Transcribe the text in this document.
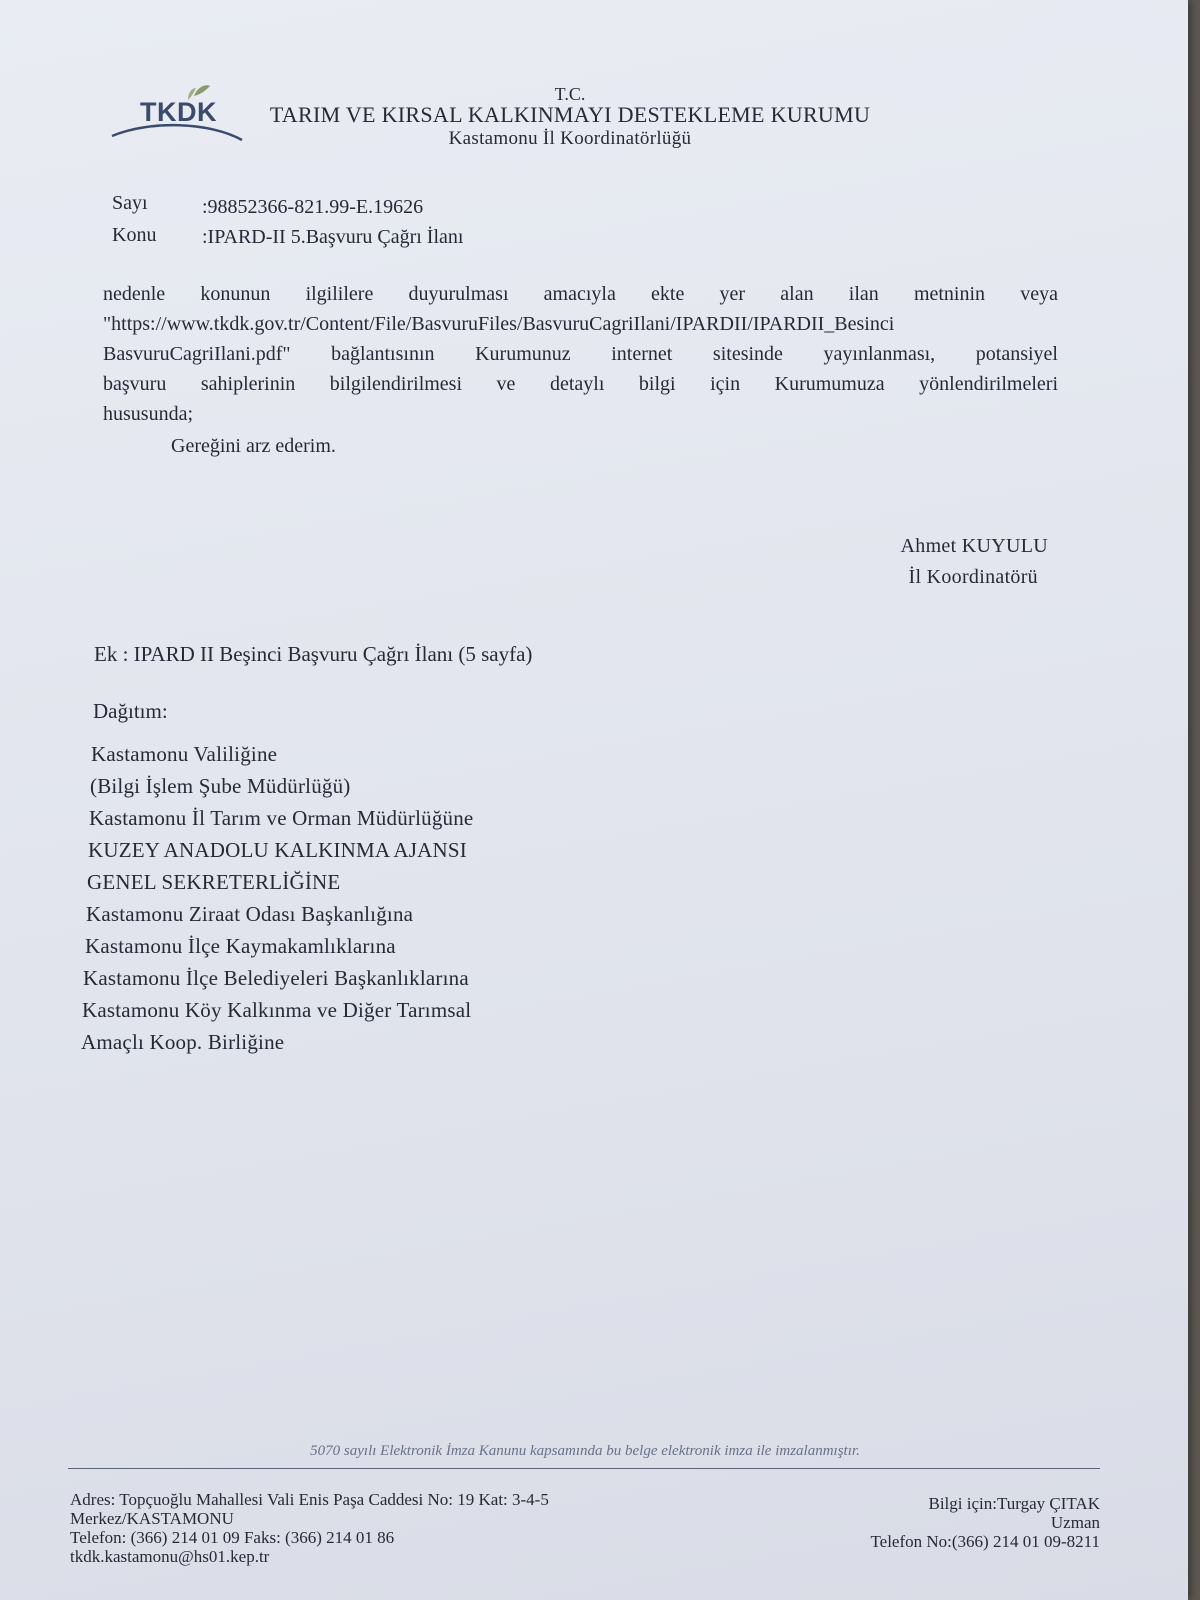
TKDK
T.C.
TARIM VE KIRSAL KALKINMAYI DESTEKLEME KURUMU
Kastamonu İl Koordinatörlüğü
Sayı	:98852366-821.99-E.19626
Konu :IPARD-II 5.Başvuru Çağrı İlanı

nedenle konunun ilgililere duyurulması amacıyla ekte yer alan ilan metninin veya

"https://www.tkdk.gov.tr/Content/File/BasvuruFiles/BasvuruCagriIlani/IPARDII/IPARDII_Besinci

BasvuruCagriIlani.pdf" bağlantısının Kurumunuz internet sitesinde yayınlanması, potansiyel

başvuru sahiplerinin bilgilendirilmesi ve detaylı bilgi için Kurumumuza yönlendirilmeleri

hususunda;

Gereğini arz ederim.
Ahmet KUYULU
İl Koordinatörü
Ek : IPARD II Beşinci Başvuru Çağrı İlanı (5 sayfa)
Dağıtım:
Kastamonu Valiliğine
(Bilgi İşlem Şube Müdürlüğü)
Kastamonu İl Tarım ve Orman Müdürlüğüne
KUZEY ANADOLU KALKINMA AJANSI
GENEL SEKRETERLİĞİNE
Kastamonu Ziraat Odası Başkanlığına
Kastamonu İlçe Kaymakamlıklarına
Kastamonu İlçe Belediyeleri Başkanlıklarına
Kastamonu Köy Kalkınma ve Diğer Tarımsal
Amaçlı Koop. Birliğine
5070 sayılı Elektronik İmza Kanunu kapsamında bu belge elektronik imza ile imzalanmıştır.
Adres: Topçuoğlu Mahallesi Vali Enis Paşa Caddesi No: 19 Kat: 3-4-5
Merkez/KASTAMONU
Telefon: (366) 214 01 09 Faks: (366) 214 01 86
tkdk.kastamonu@hs01.kep.tr
Bilgi için:Turgay ÇITAK
Uzman
Telefon No:(366) 214 01 09-8211
